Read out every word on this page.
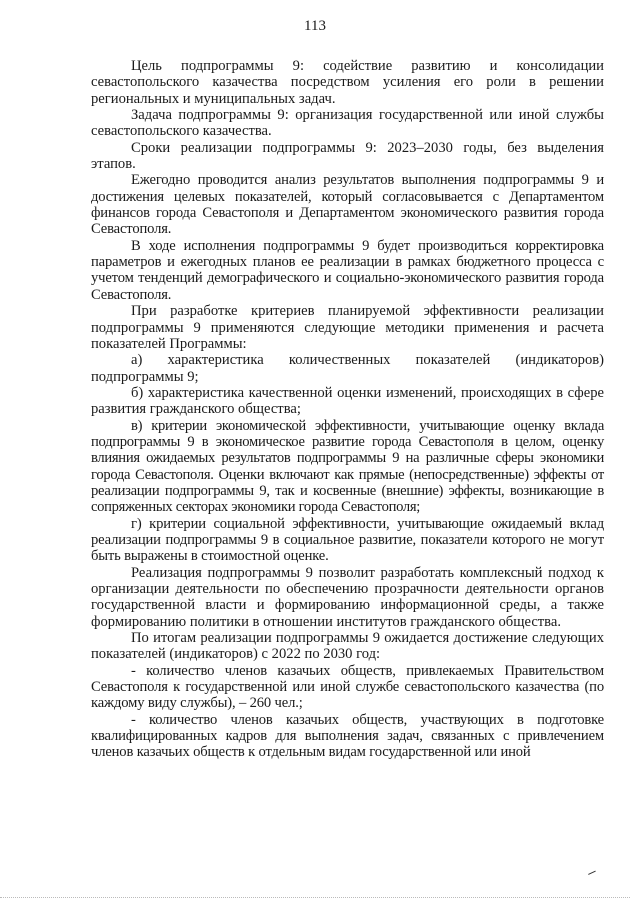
113

Цель подпрограммы 9: содействие развитию и консолидации севастопольского казачества посредством усиления его роли в решении региональных и муниципальных задач.

Задача подпрограммы 9: организация государственной или иной службы севастопольского казачества.

Сроки реализации подпрограммы 9: 2023–2030 годы, без выделения этапов.

Ежегодно проводится анализ результатов выполнения подпрограммы 9 и достижения целевых показателей, который согласовывается с Департаментом финансов города Севастополя и Департаментом экономического развития города Севастополя.

В ходе исполнения подпрограммы 9 будет производиться корректировка параметров и ежегодных планов ее реализации в рамках бюджетного процесса с учетом тенденций демографического и социально-экономического развития города Севастополя.

При разработке критериев планируемой эффективности реализации подпрограммы 9 применяются следующие методики применения и расчета показателей Программы:

а) характеристика количественных показателей (индикаторов) подпрограммы 9;

б) характеристика качественной оценки изменений, происходящих в сфере развития гражданского общества;

в) критерии экономической эффективности, учитывающие оценку вклада подпрограммы 9 в экономическое развитие города Севастополя в целом, оценку влияния ожидаемых результатов подпрограммы 9 на различные сферы экономики города Севастополя. Оценки включают как прямые (непосредственные) эффекты от реализации подпрограммы 9, так и косвенные (внешние) эффекты, возникающие в сопряженных секторах экономики города Севастополя;

г) критерии социальной эффективности, учитывающие ожидаемый вклад реализации подпрограммы 9 в социальное развитие, показатели которого не могут быть выражены в стоимостной оценке.

Реализация подпрограммы 9 позволит разработать комплексный подход к организации деятельности по обеспечению прозрачности деятельности органов государственной власти и формированию информационной среды, а также формированию политики в отношении институтов гражданского общества.

По итогам реализации подпрограммы 9 ожидается достижение следующих показателей (индикаторов) с 2022 по 2030 год:

- количество членов казачьих обществ, привлекаемых Правительством Севастополя к государственной или иной службе севастопольского казачества (по каждому виду службы), – 260 чел.;

- количество членов казачьих обществ, участвующих в подготовке квалифицированных кадров для выполнения задач, связанных с привлечением членов казачьих обществ к отдельным видам государственной или иной
